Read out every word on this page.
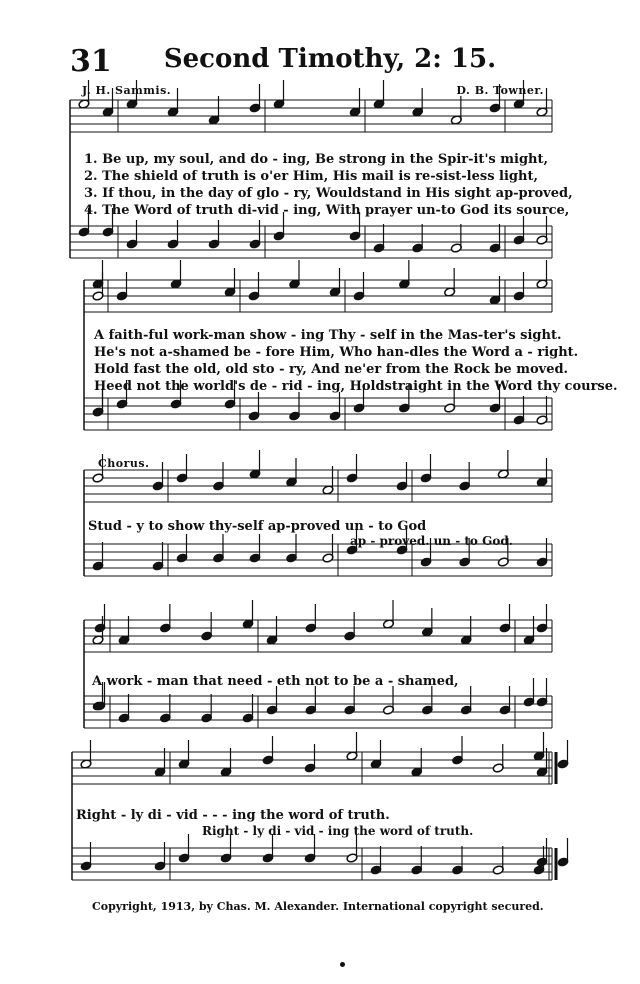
31	Second Timothy, 2: 15.
J. H. Sammis.	D. B. Towner.
1. Be up, my soul, and do - ing, Be strong in the Spir-it's might,
2. The shield of truth is o'er Him, His mail is re-sist-less light,
3. If thou, in the day of glo - ry, Wouldstand in His sight ap-proved,
4. The Word of truth di-vid - ing, With prayer un-to God its source,
A faith-ful work-man show - ing Thy - self in the Mas-ter's sight.
He's not a-shamed be - fore Him, Who han-dles the Word a - right.
Hold fast the old, old sto - ry, And ne'er from the Rock be moved.
Heed not the world's de - rid - ing, Holdstraight in the Word thy course.
Chorus.
Stud - y to show thy-self ap-proved un - to God
ap - proved. un - to God.
A work - man that need - eth not to be a - shamed,
Right - ly di - vid - - - ing the word of truth.
Right - ly di - vid - ing the word of truth.
Copyright, 1913, by Chas. M. Alexander. International copyright secured.
